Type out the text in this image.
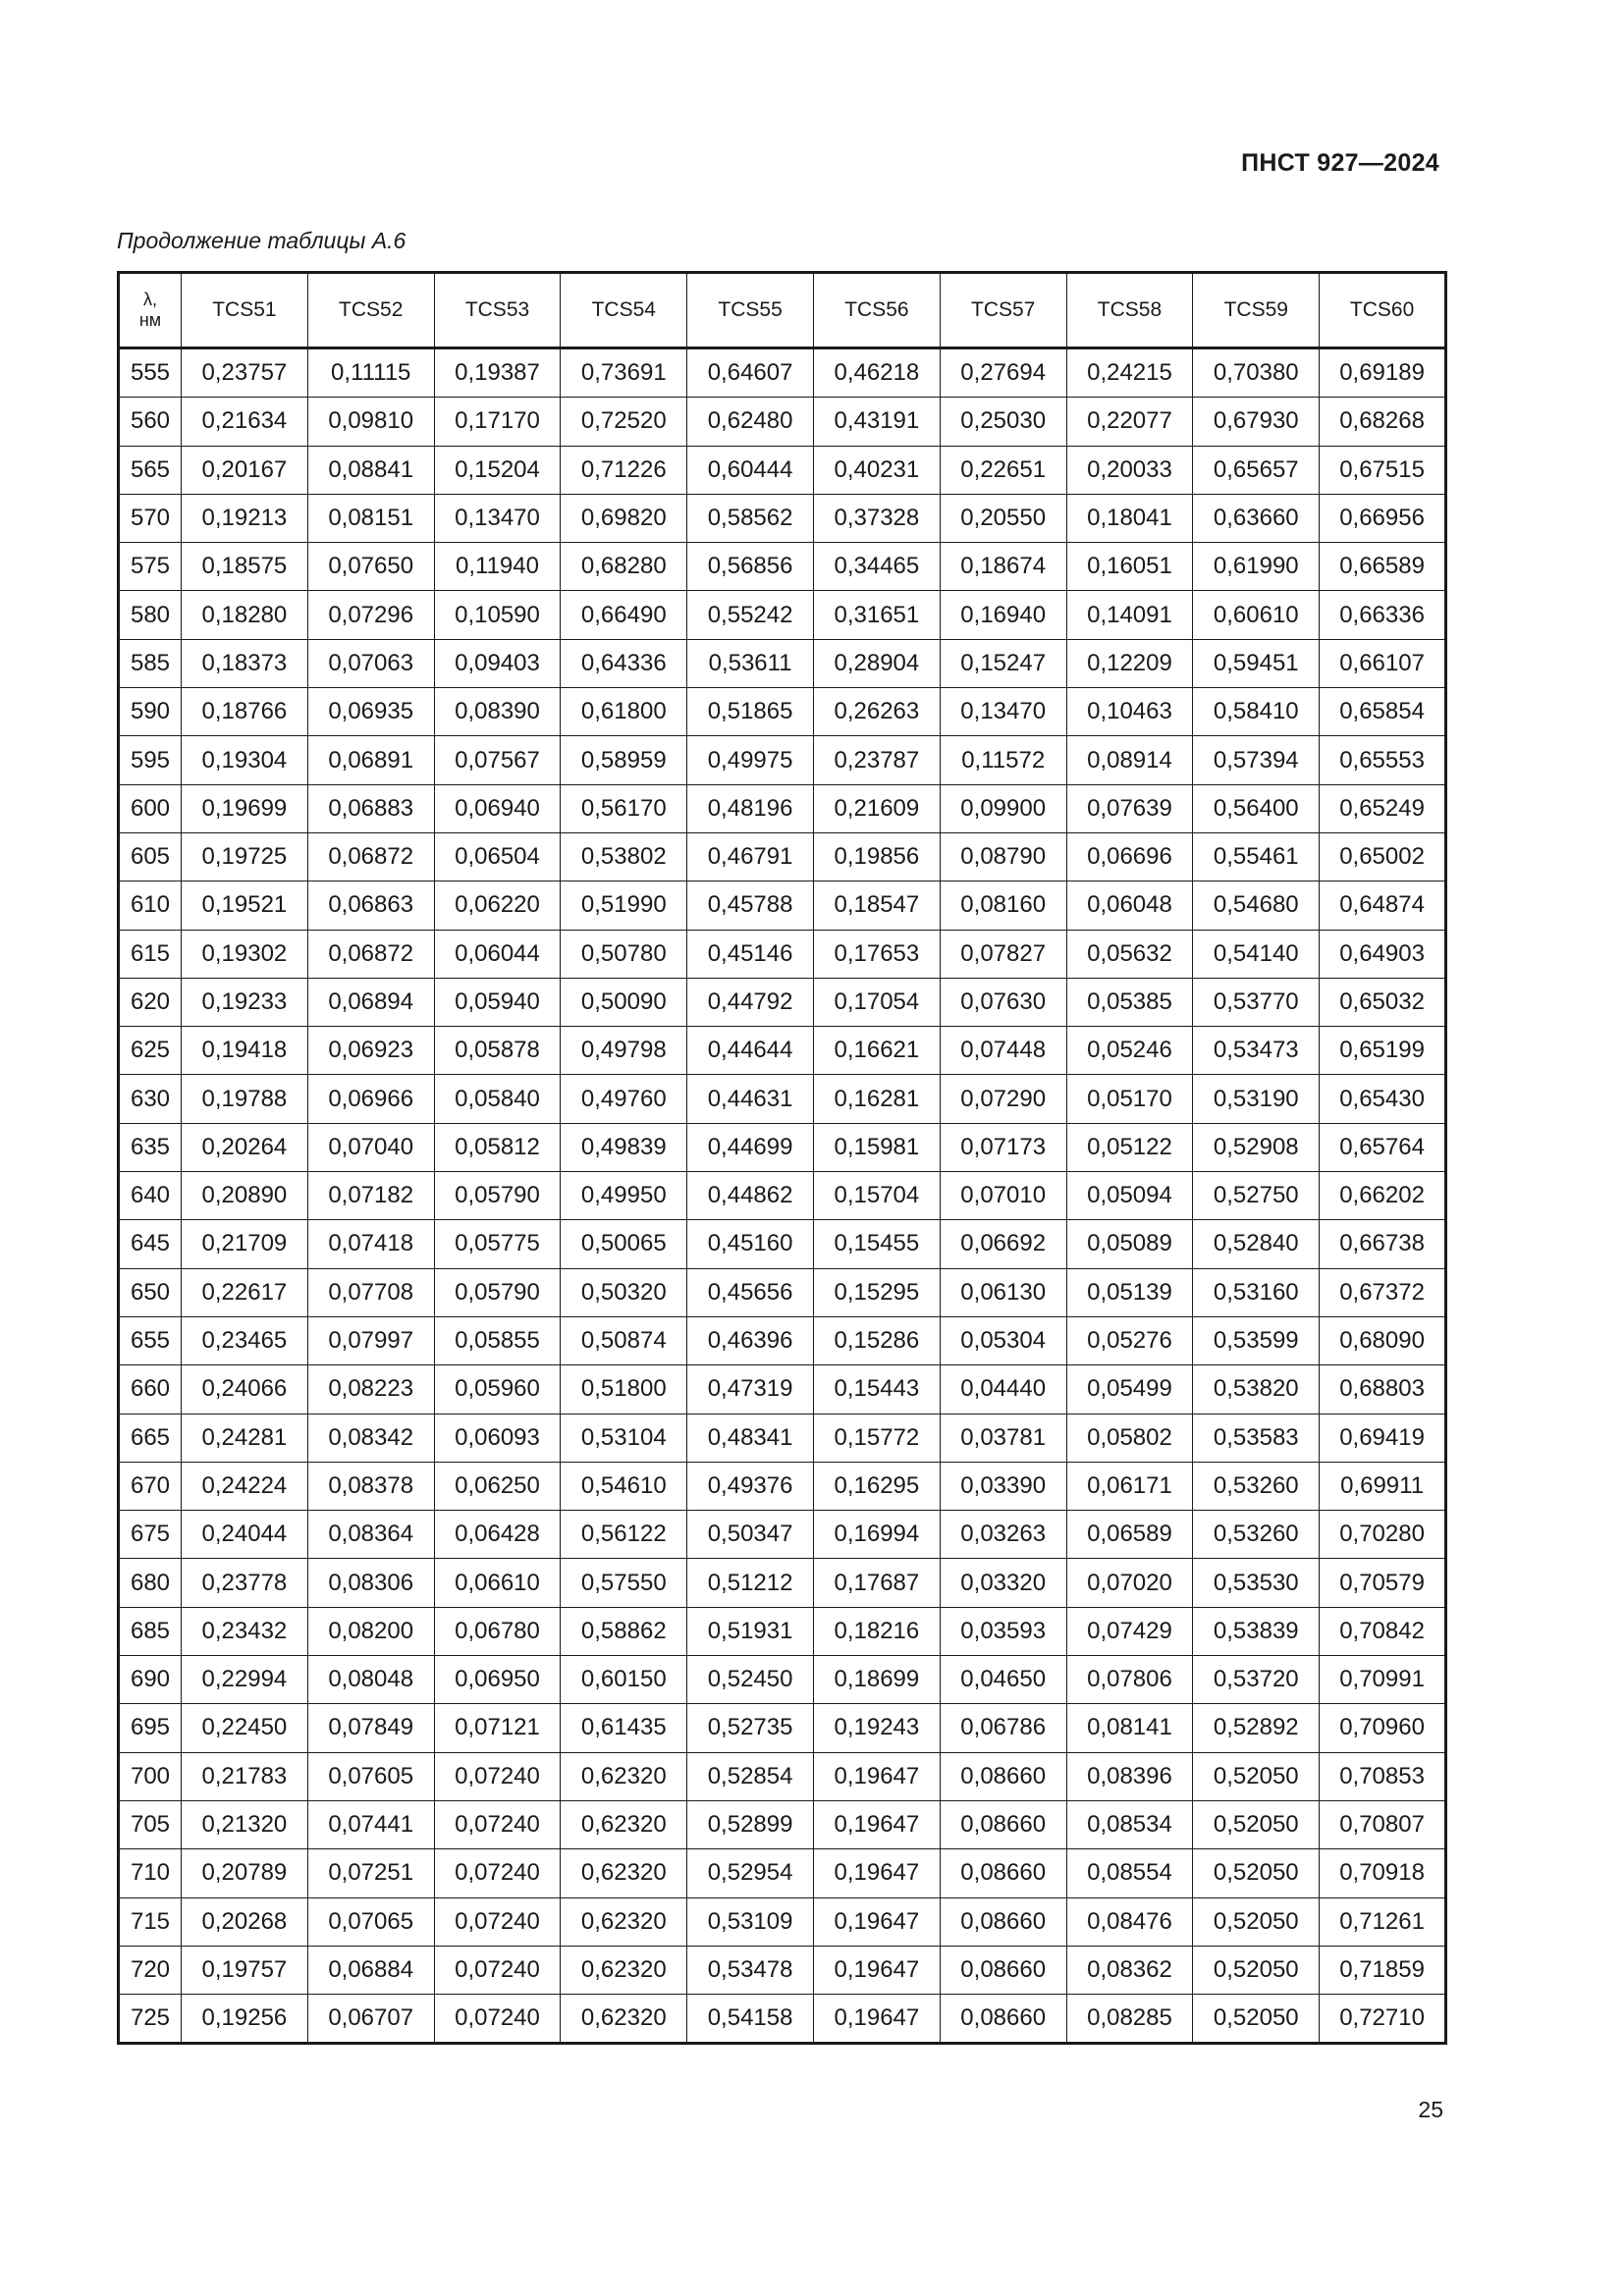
ПНСТ 927—2024
Продолжение таблицы А.6
λ,
нм	TCS51	TCS52	TCS53	TCS54	TCS55	TCS56	TCS57	TCS58	TCS59	TCS60
555	0,23757	0,11115	0,19387	0,73691	0,64607	0,46218	0,27694	0,24215	0,70380	0,69189
560	0,21634	0,09810	0,17170	0,72520	0,62480	0,43191	0,25030	0,22077	0,67930	0,68268
565	0,20167	0,08841	0,15204	0,71226	0,60444	0,40231	0,22651	0,20033	0,65657	0,67515
570	0,19213	0,08151	0,13470	0,69820	0,58562	0,37328	0,20550	0,18041	0,63660	0,66956
575	0,18575	0,07650	0,11940	0,68280	0,56856	0,34465	0,18674	0,16051	0,61990	0,66589
580	0,18280	0,07296	0,10590	0,66490	0,55242	0,31651	0,16940	0,14091	0,60610	0,66336
585	0,18373	0,07063	0,09403	0,64336	0,53611	0,28904	0,15247	0,12209	0,59451	0,66107
590	0,18766	0,06935	0,08390	0,61800	0,51865	0,26263	0,13470	0,10463	0,58410	0,65854
595	0,19304	0,06891	0,07567	0,58959	0,49975	0,23787	0,11572	0,08914	0,57394	0,65553
600	0,19699	0,06883	0,06940	0,56170	0,48196	0,21609	0,09900	0,07639	0,56400	0,65249
605	0,19725	0,06872	0,06504	0,53802	0,46791	0,19856	0,08790	0,06696	0,55461	0,65002
610	0,19521	0,06863	0,06220	0,51990	0,45788	0,18547	0,08160	0,06048	0,54680	0,64874
615	0,19302	0,06872	0,06044	0,50780	0,45146	0,17653	0,07827	0,05632	0,54140	0,64903
620	0,19233	0,06894	0,05940	0,50090	0,44792	0,17054	0,07630	0,05385	0,53770	0,65032
625	0,19418	0,06923	0,05878	0,49798	0,44644	0,16621	0,07448	0,05246	0,53473	0,65199
630	0,19788	0,06966	0,05840	0,49760	0,44631	0,16281	0,07290	0,05170	0,53190	0,65430
635	0,20264	0,07040	0,05812	0,49839	0,44699	0,15981	0,07173	0,05122	0,52908	0,65764
640	0,20890	0,07182	0,05790	0,49950	0,44862	0,15704	0,07010	0,05094	0,52750	0,66202
645	0,21709	0,07418	0,05775	0,50065	0,45160	0,15455	0,06692	0,05089	0,52840	0,66738
650	0,22617	0,07708	0,05790	0,50320	0,45656	0,15295	0,06130	0,05139	0,53160	0,67372
655	0,23465	0,07997	0,05855	0,50874	0,46396	0,15286	0,05304	0,05276	0,53599	0,68090
660	0,24066	0,08223	0,05960	0,51800	0,47319	0,15443	0,04440	0,05499	0,53820	0,68803
665	0,24281	0,08342	0,06093	0,53104	0,48341	0,15772	0,03781	0,05802	0,53583	0,69419
670	0,24224	0,08378	0,06250	0,54610	0,49376	0,16295	0,03390	0,06171	0,53260	0,69911
675	0,24044	0,08364	0,06428	0,56122	0,50347	0,16994	0,03263	0,06589	0,53260	0,70280
680	0,23778	0,08306	0,06610	0,57550	0,51212	0,17687	0,03320	0,07020	0,53530	0,70579
685	0,23432	0,08200	0,06780	0,58862	0,51931	0,18216	0,03593	0,07429	0,53839	0,70842
690	0,22994	0,08048	0,06950	0,60150	0,52450	0,18699	0,04650	0,07806	0,53720	0,70991
695	0,22450	0,07849	0,07121	0,61435	0,52735	0,19243	0,06786	0,08141	0,52892	0,70960
700	0,21783	0,07605	0,07240	0,62320	0,52854	0,19647	0,08660	0,08396	0,52050	0,70853
705	0,21320	0,07441	0,07240	0,62320	0,52899	0,19647	0,08660	0,08534	0,52050	0,70807
710	0,20789	0,07251	0,07240	0,62320	0,52954	0,19647	0,08660	0,08554	0,52050	0,70918
715	0,20268	0,07065	0,07240	0,62320	0,53109	0,19647	0,08660	0,08476	0,52050	0,71261
720	0,19757	0,06884	0,07240	0,62320	0,53478	0,19647	0,08660	0,08362	0,52050	0,71859
725	0,19256	0,06707	0,07240	0,62320	0,54158	0,19647	0,08660	0,08285	0,52050	0,72710
25
